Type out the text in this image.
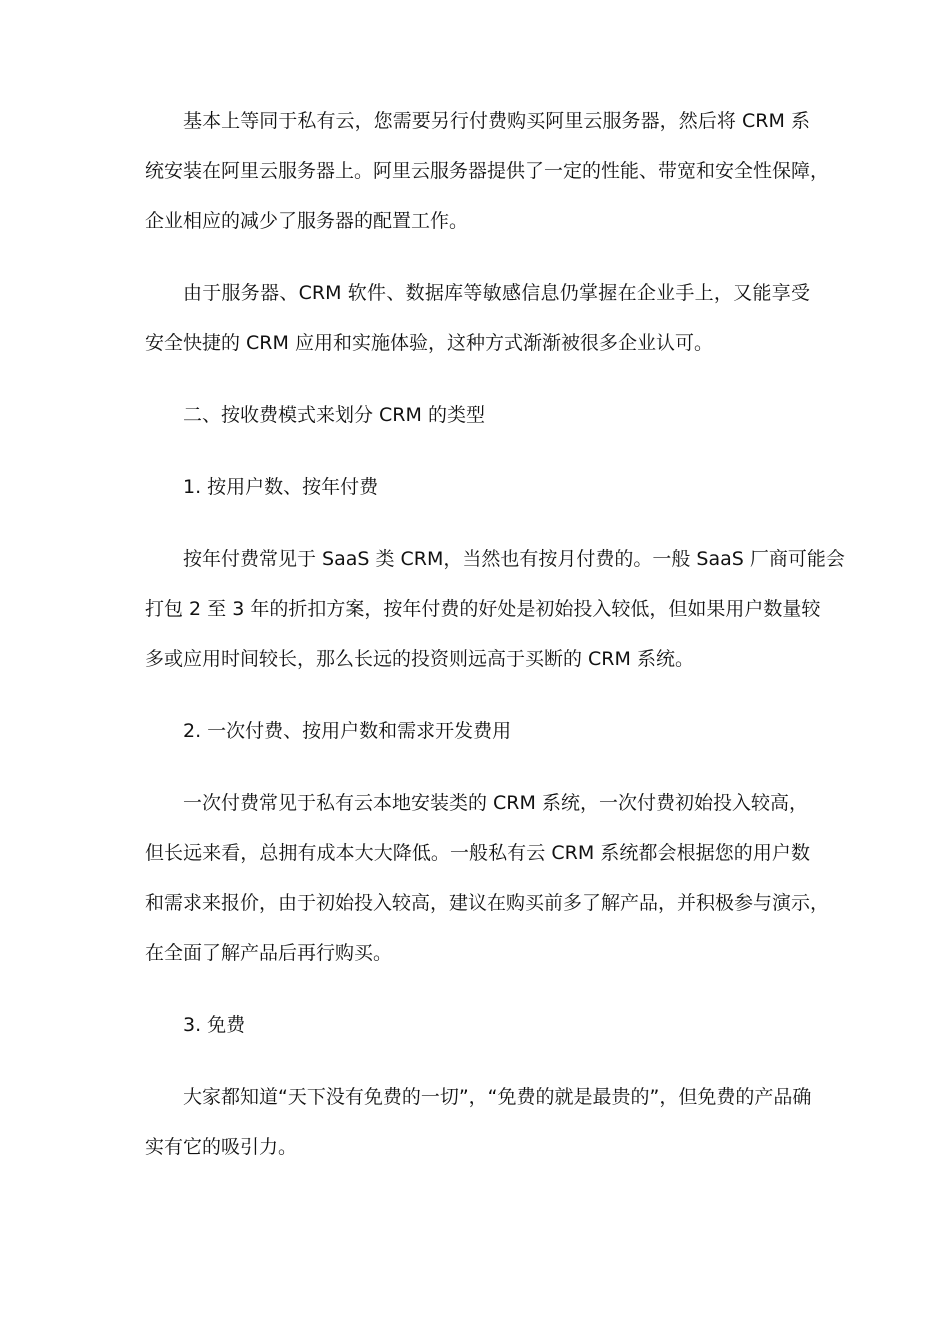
基本上等同于私有云，您需要另行付费购买阿里云服务器，然后将 CRM 系
统安装在阿里云服务器上。阿里云服务器提供了一定的性能、带宽和安全性保障，
企业相应的减少了服务器的配置工作。
由于服务器、CRM 软件、数据库等敏感信息仍掌握在企业手上，又能享受
安全快捷的 CRM 应用和实施体验，这种方式渐渐被很多企业认可。
二、按收费模式来划分 CRM 的类型
1. 按用户数、按年付费
按年付费常见于 SaaS 类 CRM，当然也有按月付费的。一般 SaaS 厂商可能会
打包 2 至 3 年的折扣方案，按年付费的好处是初始投入较低，但如果用户数量较
多或应用时间较长，那么长远的投资则远高于买断的 CRM 系统。
2. 一次付费、按用户数和需求开发费用
一次付费常见于私有云本地安装类的 CRM 系统，一次付费初始投入较高，
但长远来看，总拥有成本大大降低。一般私有云 CRM 系统都会根据您的用户数
和需求来报价，由于初始投入较高，建议在购买前多了解产品，并积极参与演示，
在全面了解产品后再行购买。
3. 免费
大家都知道“天下没有免费的一切”，“免费的就是最贵的”，但免费的产品确
实有它的吸引力。
